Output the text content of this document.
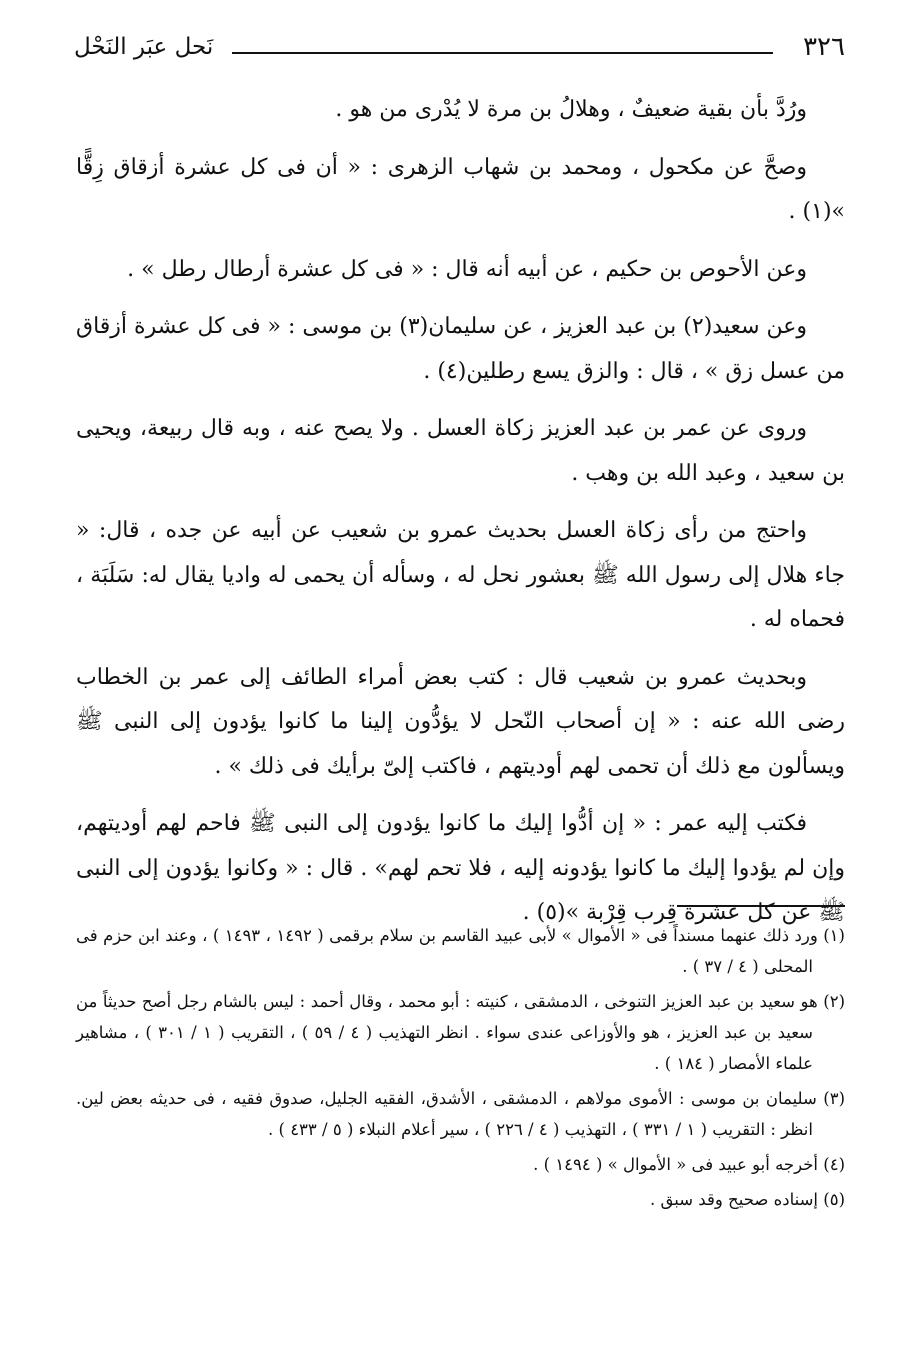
٣٢٦
نَحل عبَر النَحْل

ورُدَّ بأن بقية ضعيفٌ ، وهلالُ بن مرة لا يُدْرى من هو .

وصحَّ عن مكحول ، ومحمد بن شهاب الزهرى : « أن فى كل عشرة أزقاق زِقًّا »(١) .

وعن الأحوص بن حكيم ، عن أبيه أنه قال : « فى كل عشرة أرطال رطل » .

وعن سعيد(٢) بن عبد العزيز ، عن سليمان(٣) بن موسى : « فى كل عشرة أزقاق من عسل زق » ، قال : والزق يسع رطلين(٤) .

وروى عن عمر بن عبد العزيز زكاة العسل . ولا يصح عنه ، وبه قال ربيعة، ويحيى بن سعيد ، وعبد الله بن وهب .

واحتج من رأى زكاة العسل بحديث عمرو بن شعيب عن أبيه عن جده ، قال: « جاء هلال إلى رسول الله ﷺ بعشور نحل له ، وسأله أن يحمى له واديا يقال له: سَلَبَة ، فحماه له .

وبحديث عمرو بن شعيب قال : كتب بعض أمراء الطائف إلى عمر بن الخطاب رضى الله عنه : « إن أصحاب النّحل لا يؤدُّون إلينا ما كانوا يؤدون إلى النبى ﷺ ويسألون مع ذلك أن تحمى لهم أوديتهم ، فاكتب إلىّ برأيك فى ذلك » .

فكتب إليه عمر : « إن أدُّوا إليك ما كانوا يؤدون إلى النبى ﷺ فاحم لهم أوديتهم، وإن لم يؤدوا إليك ما كانوا يؤدونه إليه ، فلا تحم لهم» . قال : « وكانوا يؤدون إلى النبى ﷺ عن كل عشرة قِرب قِرْبة »(٥) .

(١) ورد ذلك عنهما مسنداً فى « الأموال » لأبى عبيد القاسم بن سلام برقمى ( ١٤٩٢ ، ١٤٩٣ ) ، وعند ابن حزم فى المحلى ( ٤ / ٣٧ ) .
(٢) هو سعيد بن عبد العزيز التنوخى ، الدمشقى ، كنيته : أبو محمد ، وقال أحمد : ليس بالشام رجل أصح حديثاً من سعيد بن عبد العزيز ، هو والأوزاعى عندى سواء . انظر التهذيب ( ٤ / ٥٩ ) ، التقريب ( ١ / ٣٠١ ) ، مشاهير علماء الأمصار ( ١٨٤ ) .
(٣) سليمان بن موسى : الأموى مولاهم ، الدمشقى ، الأشدق، الفقيه الجليل، صدوق فقيه ، فى حديثه بعض لين. انظر : التقريب ( ١ / ٣٣١ ) ، التهذيب ( ٤ / ٢٢٦ ) ، سير أعلام النبلاء ( ٥ / ٤٣٣ ) .
(٤) أخرجه أبو عبيد فى « الأموال » ( ١٤٩٤ ) .
(٥) إسناده صحيح وقد سبق .
